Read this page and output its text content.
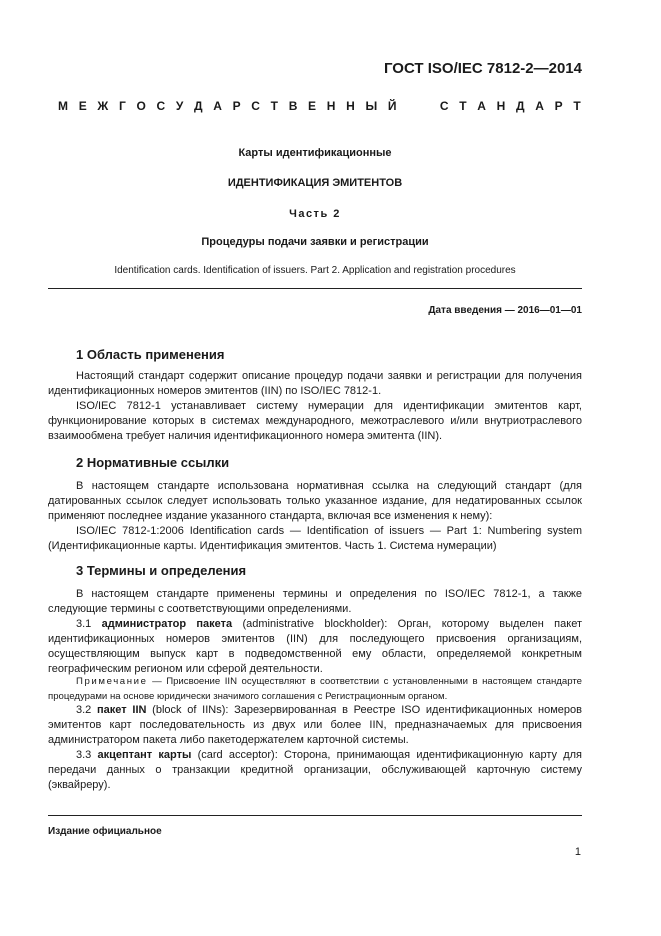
ГОСТ ISO/IEC 7812-2—2014
М Е Ж Г О С У Д А Р С Т В Е Н Н Ы Й	С Т А Н Д А Р Т
Карты идентификационные
ИДЕНТИФИКАЦИЯ ЭМИТЕНТОВ
Часть 2
Процедуры подачи заявки и регистрации
Identification cards. Identification of issuers. Part 2. Application and registration procedures
Дата введения — 2016—01—01
1 Область применения

Настоящий стандарт содержит описание процедур подачи заявки и регистрации для получения идентификационных номеров эмитентов (IIN) по ISO/IEC 7812-1.

ISO/IEC 7812-1 устанавливает систему нумерации для идентификации эмитентов карт, функционирование которых в системах международного, межотраслевого и/или внутриотраслевого взаимообмена требует наличия идентификационного номера эмитента (IIN).

2 Нормативные ссылки

В настоящем стандарте использована нормативная ссылка на следующий стандарт (для датированных ссылок следует использовать только указанное издание, для недатированных ссылок применяют последнее издание указанного стандарта, включая все изменения к нему):

ISO/IEC 7812-1:2006 Identification cards — Identification of issuers — Part 1: Numbering system (Идентификационные карты. Идентификация эмитентов. Часть 1. Система нумерации)

3 Термины и определения

В настоящем стандарте применены термины и определения по ISO/IEC 7812-1, а также следующие термины с соответствующими определениями.

3.1 администратор пакета (administrative blockholder): Орган, которому выделен пакет идентификационных номеров эмитентов (IIN) для последующего присвоения организациям, осуществляющим выпуск карт в подведомственной ему области, определяемой конкретным географическим регионом или сферой деятельности.

Примечание — Присвоение IIN осуществляют в соответствии с установленными в настоящем стандарте процедурами на основе юридически значимого соглашения с Регистрационным органом.

3.2 пакет IIN (block of IINs): Зарезервированная в Реестре ISO идентификационных номеров эмитентов карт последовательность из двух или более IIN, предназначаемых для присвоения администратором пакета либо пакетодержателем карточной системы.

3.3 акцептант карты (card acceptor): Сторона, принимающая идентификационную карту для передачи данных о транзакции кредитной организации, обслуживающей карточную систему (эквайреру).

Издание официальное
1
